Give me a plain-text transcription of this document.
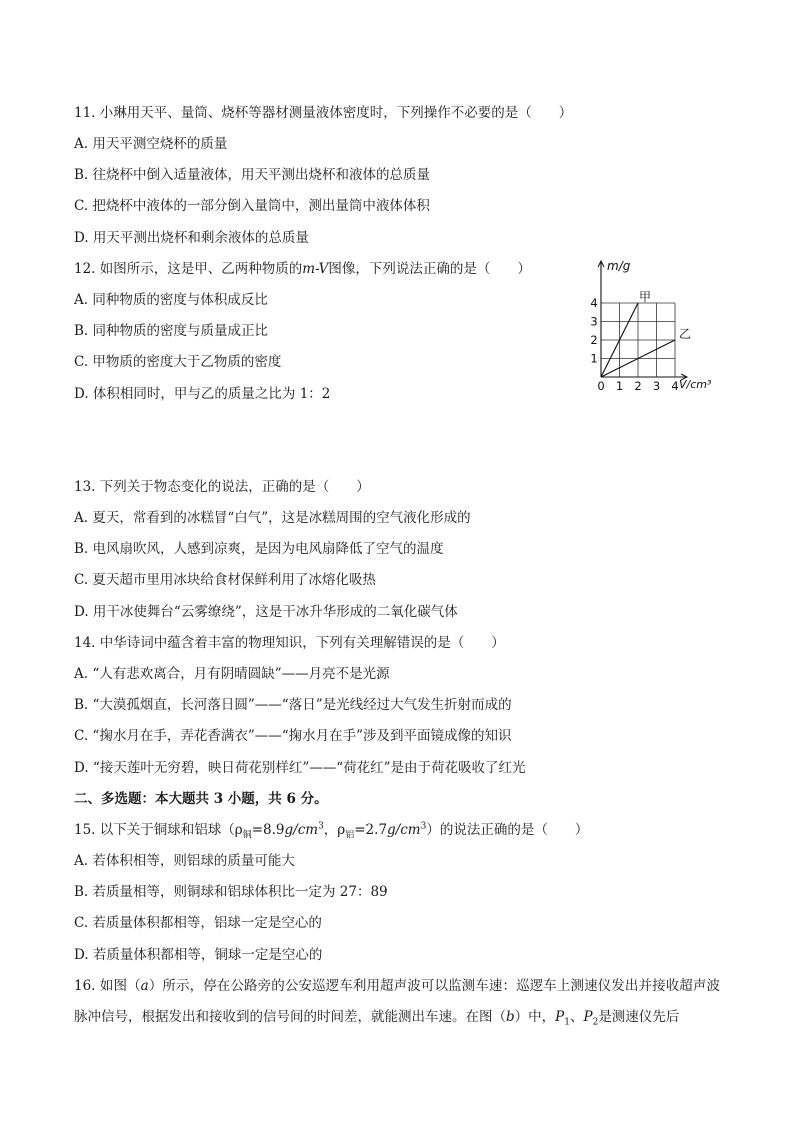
11. 小琳用天平、量筒、烧杯等器材测量液体密度时，下列操作不必要的是（　　）
A. 用天平测空烧杯的质量
B. 往烧杯中倒入适量液体，用天平测出烧杯和液体的总质量
C. 把烧杯中液体的一部分倒入量筒中，测出量筒中液体体积
D. 用天平测出烧杯和剩余液体的总质量
12. 如图所示，这是甲、乙两种物质的m-V图像，下列说法正确的是（　　）
A. 同种物质的密度与体积成反比
B. 同种物质的密度与质量成正比
C. 甲物质的密度大于乙物质的密度
D. 体积相同时，甲与乙的质量之比为 1：2
甲
乙
0 1 2 3 4
1
2
3
4
m/g
V/cm³
13. 下列关于物态变化的说法，正确的是（　　）
A. 夏天，常看到的冰糕冒“白气”，这是冰糕周围的空气液化形成的
B. 电风扇吹风，人感到凉爽，是因为电风扇降低了空气的温度
C. 夏天超市里用冰块给食材保鲜利用了冰熔化吸热
D. 用干冰使舞台“云雾缭绕”，这是干冰升华形成的二氧化碳气体
14. 中华诗词中蕴含着丰富的物理知识，下列有关理解错误的是（　　）
A. “人有悲欢离合，月有阴晴圆缺”——月亮不是光源
B. “大漠孤烟直，长河落日圆”——“落日”是光线经过大气发生折射而成的
C. “掬水月在手，弄花香满衣”——“掬水月在手”涉及到平面镜成像的知识
D. “接天莲叶无穷碧，映日荷花别样红”——“荷花红”是由于荷花吸收了红光
二、多选题：本大题共 3 小题，共 6 分。
15. 以下关于铜球和铝球（$\rho_铜=8.9g/cm^3$，$\rho_铝=2.7g/cm^3$）的说法正确的是（　　）
A. 若体积相等，则铝球的质量可能大
B. 若质量相等，则铜球和铝球体积比一定为 27：89
C. 若质量体积都相等，铝球一定是空心的
D. 若质量体积都相等，铜球一定是空心的
16. 如图（a）所示，停在公路旁的公安巡逻车利用超声波可以监测车速：巡逻车上测速仪发出并接收超声波脉冲信号，根据发出和接收到的信号间的时间差，就能测出车速。在图（b）中，$P_1$、$P_2$是测速仪先后
